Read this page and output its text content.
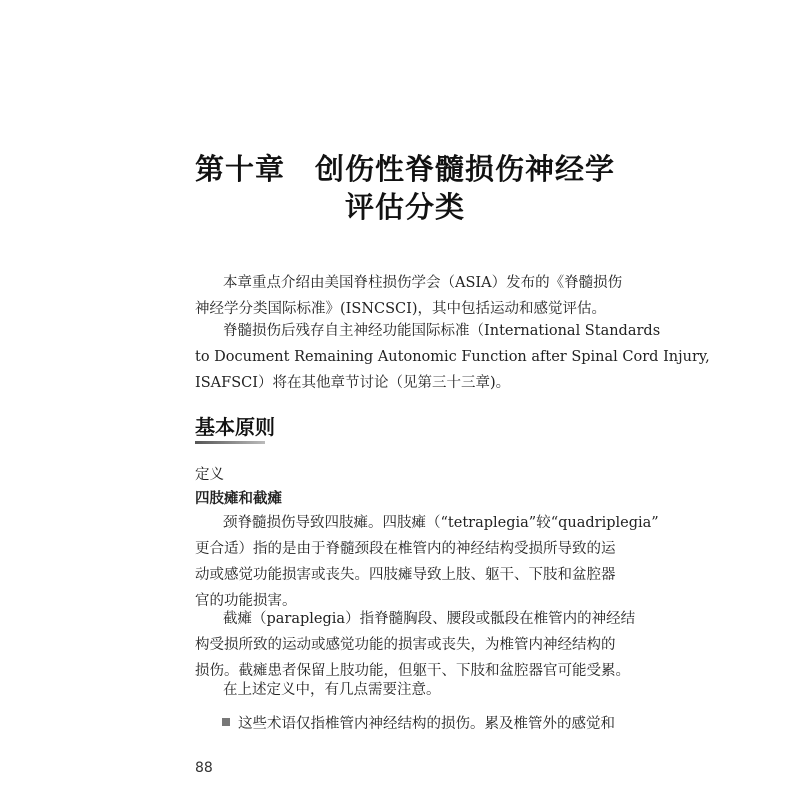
第十章　创伤性脊髓损伤神经学
评估分类
本章重点介绍由美国脊柱损伤学会（ASIA）发布的《脊髓损伤
神经学分类国际标准》(ISNCSCI)，其中包括运动和感觉评估。
脊髓损伤后残存自主神经功能国际标准（International Standards
to Document Remaining Autonomic Function after Spinal Cord Injury,
ISAFSCI）将在其他章节讨论（见第三十三章)。
基本原则
定义
四肢瘫和截瘫
颈脊髓损伤导致四肢瘫。四肢瘫（“tetraplegia”较“quadriplegia”
更合适）指的是由于脊髓颈段在椎管内的神经结构受损所导致的运
动或感觉功能损害或丧失。四肢瘫导致上肢、躯干、下肢和盆腔器
官的功能损害。
截瘫（paraplegia）指脊髓胸段、腰段或骶段在椎管内的神经结
构受损所致的运动或感觉功能的损害或丧失，为椎管内神经结构的
损伤。截瘫患者保留上肢功能，但躯干、下肢和盆腔器官可能受累。
在上述定义中，有几点需要注意。
这些术语仅指椎管内神经结构的损伤。累及椎管外的感觉和
88
